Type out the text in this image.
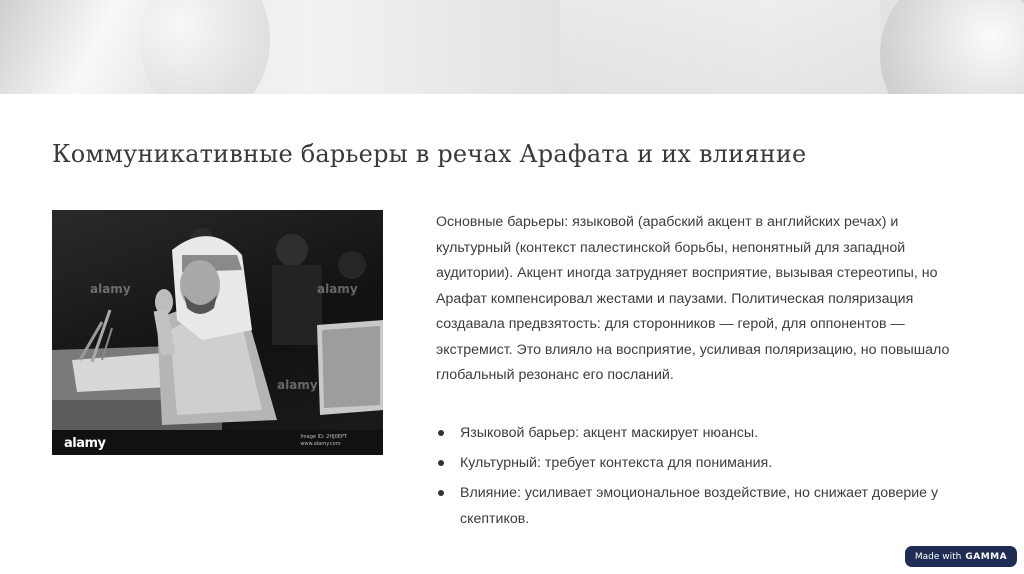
Коммуникативные барьеры в речах Арафата и их влияние
alamy	alamy
alamy
alamy	Image ID: 2HJ0EPT
www.alamy.com

Основные барьеры: языковой (арабский акцент в английских речах) и культурный (контекст палестинской борьбы, непонятный для западной аудитории). Акцент иногда затрудняет восприятие, вызывая стереотипы, но Арафат компенсировал жестами и паузами. Политическая поляризация создавала предвзятость: для сторонников — герой, для оппонентов — экстремист. Это влияло на восприятие, усиливая поляризацию, но повышало глобальный резонанс его посланий.

Языковой барьер: акцент маскирует нюансы.
Культурный: требует контекста для понимания.
Влияние: усиливает эмоциональное воздействие, но снижает доверие у скептиков.
Made with GAMMA
